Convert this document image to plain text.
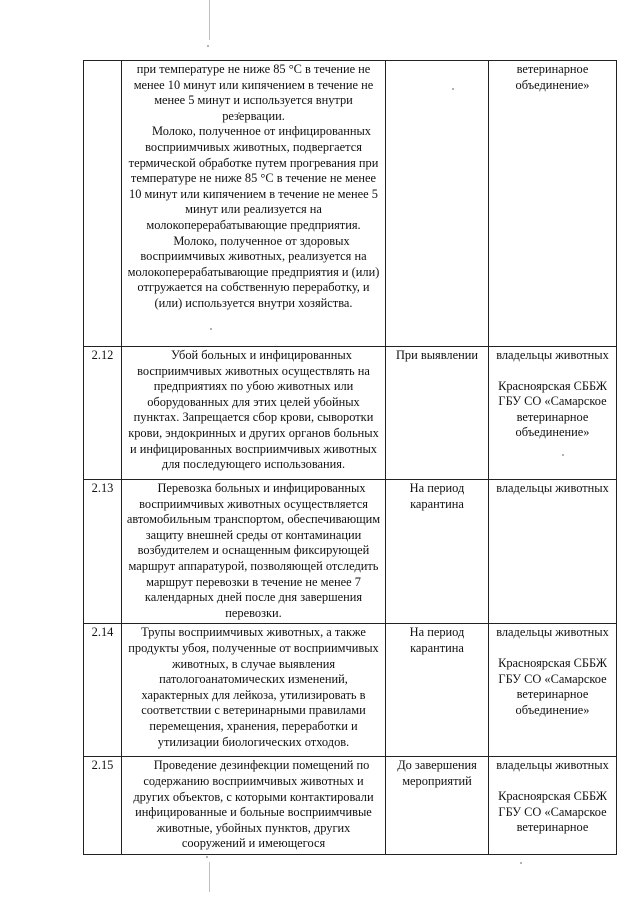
	при температуре не ниже 85 °С в течение не менее 10 минут или кипячением в течение не менее 5 минут и используется внутри резервации.
Молоко, полученное от инфицированных восприимчивых животных, подвергается термической обработке путем прогревания при температуре не ниже 85 °С в течение не менее 10 минут или кипячением в течение не менее 5 минут или реализуется на молокоперерабатывающие предприятия.
Молоко, полученное от здоровых восприимчивых животных, реализуется на молокоперерабатывающие предприятия и (или) отгружается на собственную переработку, и (или) используется внутри хозяйства.		ветеринарное объединение»

2.12	Убой больных и инфицированных восприимчивых животных осуществлять на предприятиях по убою животных или оборудованных для этих целей убойных пунктах. Запрещается сбор крови, сыворотки крови, эндокринных и других органов больных и инфицированных восприимчивых животных для последующего использования.	При выявлении	владельцы животных
Красноярская СББЖ ГБУ СО «Самарское ветеринарное объединение»

2.13	Перевозка больных и инфицированных восприимчивых животных осуществляется автомобильным транспортом, обеспечивающим защиту внешней среды от контаминации возбудителем и оснащенным фиксирующей маршрут аппаратурой, позволяющей отследить маршрут перевозки в течение не менее 7 календарных дней после дня завершения перевозки.	На период карантина	владельцы животных

2.14	Трупы восприимчивых животных, а также продукты убоя, полученные от восприимчивых животных, в случае выявления патологоанатомических изменений, характерных для лейкоза, утилизировать в соответствии с ветеринарными правилами перемещения, хранения, переработки и утилизации биологических отходов.	На период карантина	владельцы животных
Красноярская СББЖ ГБУ СО «Самарское ветеринарное объединение»

2.15	Проведение дезинфекции помещений по содержанию восприимчивых животных и других объектов, с которыми контактировали инфицированные и больные восприимчивые животные, убойных пунктов, других сооружений и имеющегося	До завершения мероприятий	владельцы животных
Красноярская СББЖ ГБУ СО «Самарское ветеринарное
